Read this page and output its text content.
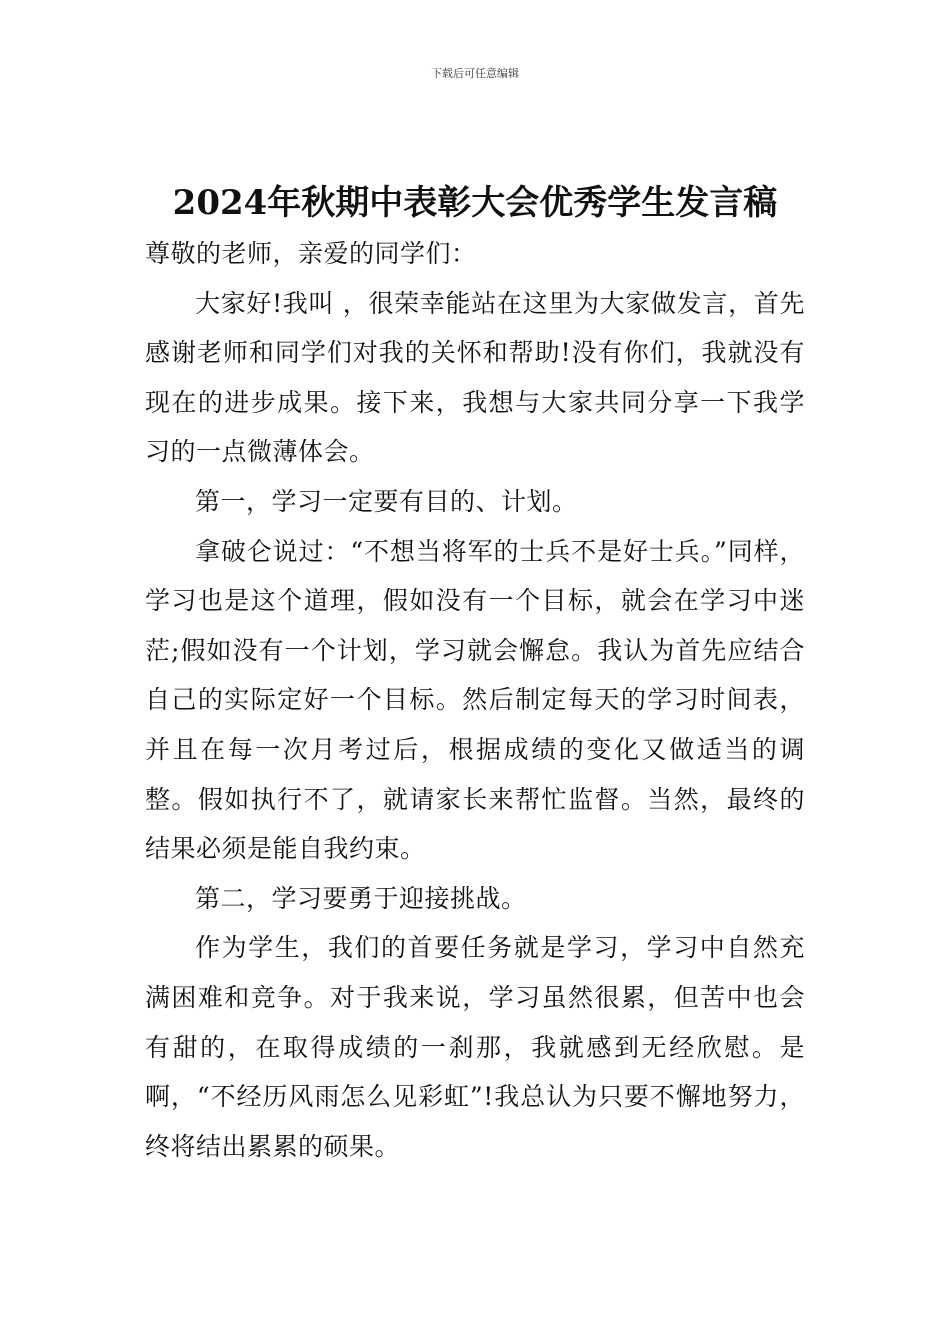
下载后可任意编辑
2024年秋期中表彰大会优秀学生发言稿

尊敬的老师，亲爱的同学们：

大家好!我叫 ，很荣幸能站在这里为大家做发言，首先感谢老师和同学们对我的关怀和帮助!没有你们，我就没有现在的进步成果。接下来，我想与大家共同分享一下我学习的一点微薄体会。

第一，学习一定要有目的、计划。

拿破仑说过：“不想当将军的士兵不是好士兵。”同样，学习也是这个道理，假如没有一个目标，就会在学习中迷茫;假如没有一个计划，学习就会懈怠。我认为首先应结合自己的实际定好一个目标。然后制定每天的学习时间表，并且在每一次月考过后，根据成绩的变化又做适当的调整。假如执行不了，就请家长来帮忙监督。当然，最终的结果必须是能自我约束。

第二，学习要勇于迎接挑战。

作为学生，我们的首要任务就是学习，学习中自然充满困难和竞争。对于我来说，学习虽然很累，但苦中也会有甜的，在取得成绩的一刹那，我就感到无经欣慰。是啊，“不经历风雨怎么见彩虹”!我总认为只要不懈地努力，终将结出累累的硕果。
